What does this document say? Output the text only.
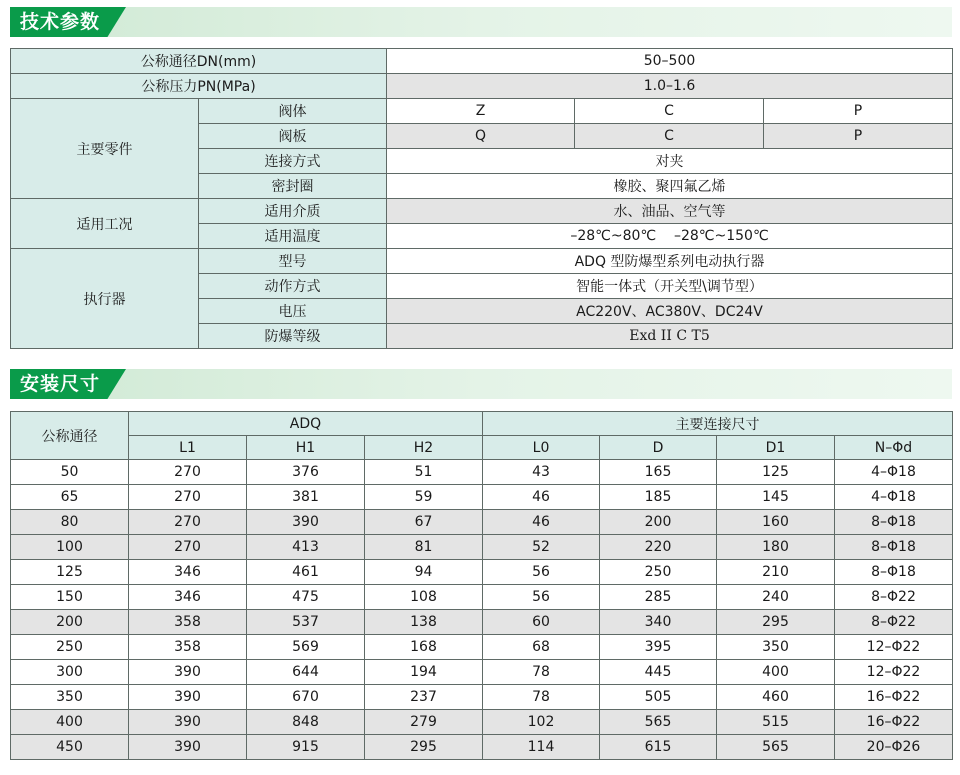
技术参数
公称通径DN(mm)		50–500		
公称压力PN(MPa)		1.0–1.6		
主要零件	阀体	Z	C	P
	阀板	Q	C	P
	连接方式	对夹		
	密封圈	橡胶、聚四氟乙烯		
适用工况	适用介质	水、油品、空气等		
	适用温度	–28℃~80℃    –28℃~150℃		
执行器	型号	ADQ 型防爆型系列电动执行器		
	动作方式	智能一体式（开关型\调节型）		
	电压	AC220V、AC380V、DC24V		
	防爆等级	Exd II C T5		
安装尺寸
公称通径	ADQ			主要连接尺寸			
	L1	H1	H2	L0	D	D1	N–Φd
50	270	376	51	43	165	125	4–Φ18
65	270	381	59	46	185	145	4–Φ18
80	270	390	67	46	200	160	8–Φ18
100	270	413	81	52	220	180	8–Φ18
125	346	461	94	56	250	210	8–Φ18
150	346	475	108	56	285	240	8–Φ22
200	358	537	138	60	340	295	8–Φ22
250	358	569	168	68	395	350	12–Φ22
300	390	644	194	78	445	400	12–Φ22
350	390	670	237	78	505	460	16–Φ22
400	390	848	279	102	565	515	16–Φ22
450	390	915	295	114	615	565	20–Φ26
